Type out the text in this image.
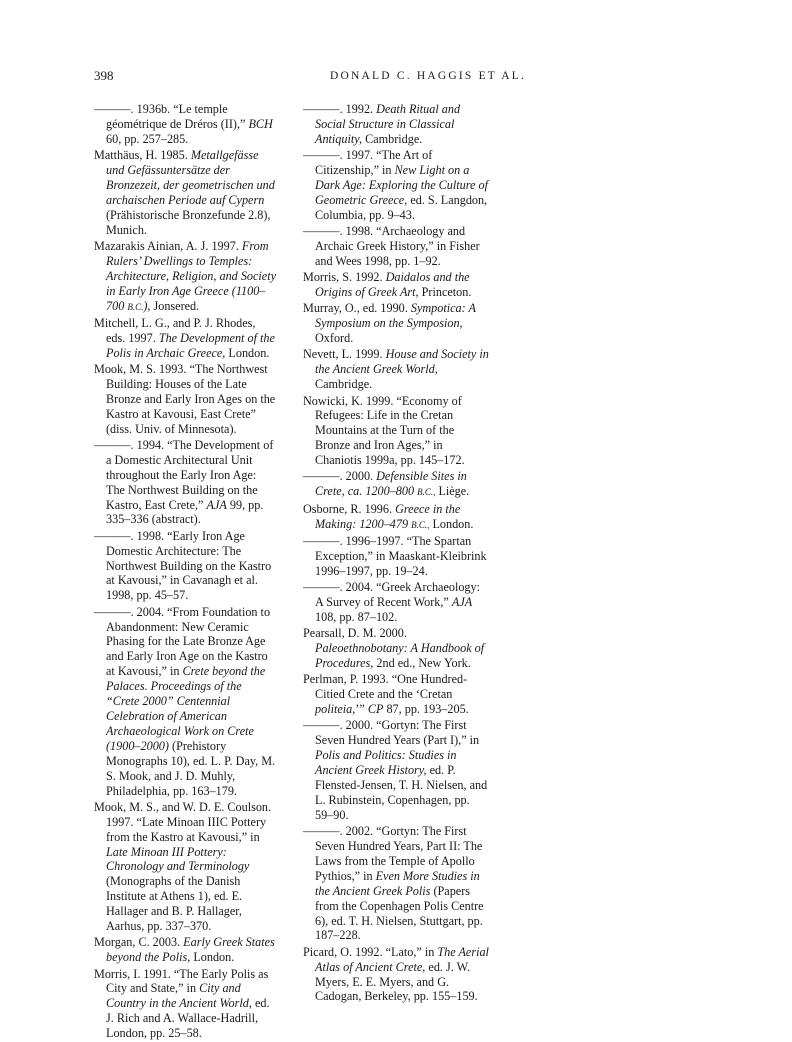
398	DONALD C. HAGGIS ET AL.
———. 1936b. “Le temple géométrique de Dréros (II),” BCH 60, pp. 257–285.
Matthäus, H. 1985. Metallgefässe und Gefässuntersätze der Bronzezeit, der geometrischen und archaischen Periode auf Cypern (Prähistorische Bronzefunde 2.8), Munich.
Mazarakis Ainian, A. J. 1997. From Rulers’ Dwellings to Temples: Architecture, Religion, and Society in Early Iron Age Greece (1100–700 B.C.), Jonsered.
Mitchell, L. G., and P. J. Rhodes, eds. 1997. The Development of the Polis in Archaic Greece, London.
Mook, M. S. 1993. “The Northwest Building: Houses of the Late Bronze and Early Iron Ages on the Kastro at Kavousi, East Crete” (diss. Univ. of Minnesota).
———. 1994. “The Development of a Domestic Architectural Unit throughout the Early Iron Age: The Northwest Building on the Kastro, East Crete,” AJA 99, pp. 335–336 (abstract).
———. 1998. “Early Iron Age Domestic Architecture: The Northwest Building on the Kastro at Kavousi,” in Cavanagh et al. 1998, pp. 45–57.
———. 2004. “From Foundation to Abandonment: New Ceramic Phasing for the Late Bronze Age and Early Iron Age on the Kastro at Kavousi,” in Crete beyond the Palaces. Proceedings of the “Crete 2000” Centennial Celebration of American Archaeological Work on Crete (1900–2000) (Prehistory Monographs 10), ed. L. P. Day, M. S. Mook, and J. D. Muhly, Philadelphia, pp. 163–179.
Mook, M. S., and W. D. E. Coulson. 1997. “Late Minoan IIIC Pottery from the Kastro at Kavousi,” in Late Minoan III Pottery: Chronology and Terminology (Monographs of the Danish Institute at Athens 1), ed. E. Hallager and B. P. Hallager, Aarhus, pp. 337–370.
Morgan, C. 2003. Early Greek States beyond the Polis, London.
Morris, I. 1991. “The Early Polis as City and State,” in City and Country in the Ancient World, ed. J. Rich and A. Wallace-Hadrill, London, pp. 25–58.
———. 1992. Death Ritual and Social Structure in Classical Antiquity, Cambridge.
———. 1997. “The Art of Citizenship,” in New Light on a Dark Age: Exploring the Culture of Geometric Greece, ed. S. Langdon, Columbia, pp. 9–43.
———. 1998. “Archaeology and Archaic Greek History,” in Fisher and Wees 1998, pp. 1–92.
Morris, S. 1992. Daidalos and the Origins of Greek Art, Princeton.
Murray, O., ed. 1990. Sympotica: A Symposium on the Symposion, Oxford.
Nevett, L. 1999. House and Society in the Ancient Greek World, Cambridge.
Nowicki, K. 1999. “Economy of Refugees: Life in the Cretan Mountains at the Turn of the Bronze and Iron Ages,” in Chaniotis 1999a, pp. 145–172.
———. 2000. Defensible Sites in Crete, ca. 1200–800 B.C., Liège.
Osborne, R. 1996. Greece in the Making: 1200–479 B.C., London.
———. 1996–1997. “The Spartan Exception,” in Maaskant-Kleibrink 1996–1997, pp. 19–24.
———. 2004. “Greek Archaeology: A Survey of Recent Work,” AJA 108, pp. 87–102.
Pearsall, D. M. 2000. Paleoethnobotany: A Handbook of Procedures, 2nd ed., New York.
Perlman, P. 1993. “One Hundred-Citied Crete and the ‘Cretan politeia,’” CP 87, pp. 193–205.
———. 2000. “Gortyn: The First Seven Hundred Years (Part I),” in Polis and Politics: Studies in Ancient Greek History, ed. P. Flensted-Jensen, T. H. Nielsen, and L. Rubinstein, Copenhagen, pp. 59–90.
———. 2002. “Gortyn: The First Seven Hundred Years, Part II: The Laws from the Temple of Apollo Pythios,” in Even More Studies in the Ancient Greek Polis (Papers from the Copenhagen Polis Centre 6), ed. T. H. Nielsen, Stuttgart, pp. 187–228.
Picard, O. 1992. “Lato,” in The Aerial Atlas of Ancient Crete, ed. J. W. Myers, E. E. Myers, and G. Cadogan, Berkeley, pp. 155–159.
